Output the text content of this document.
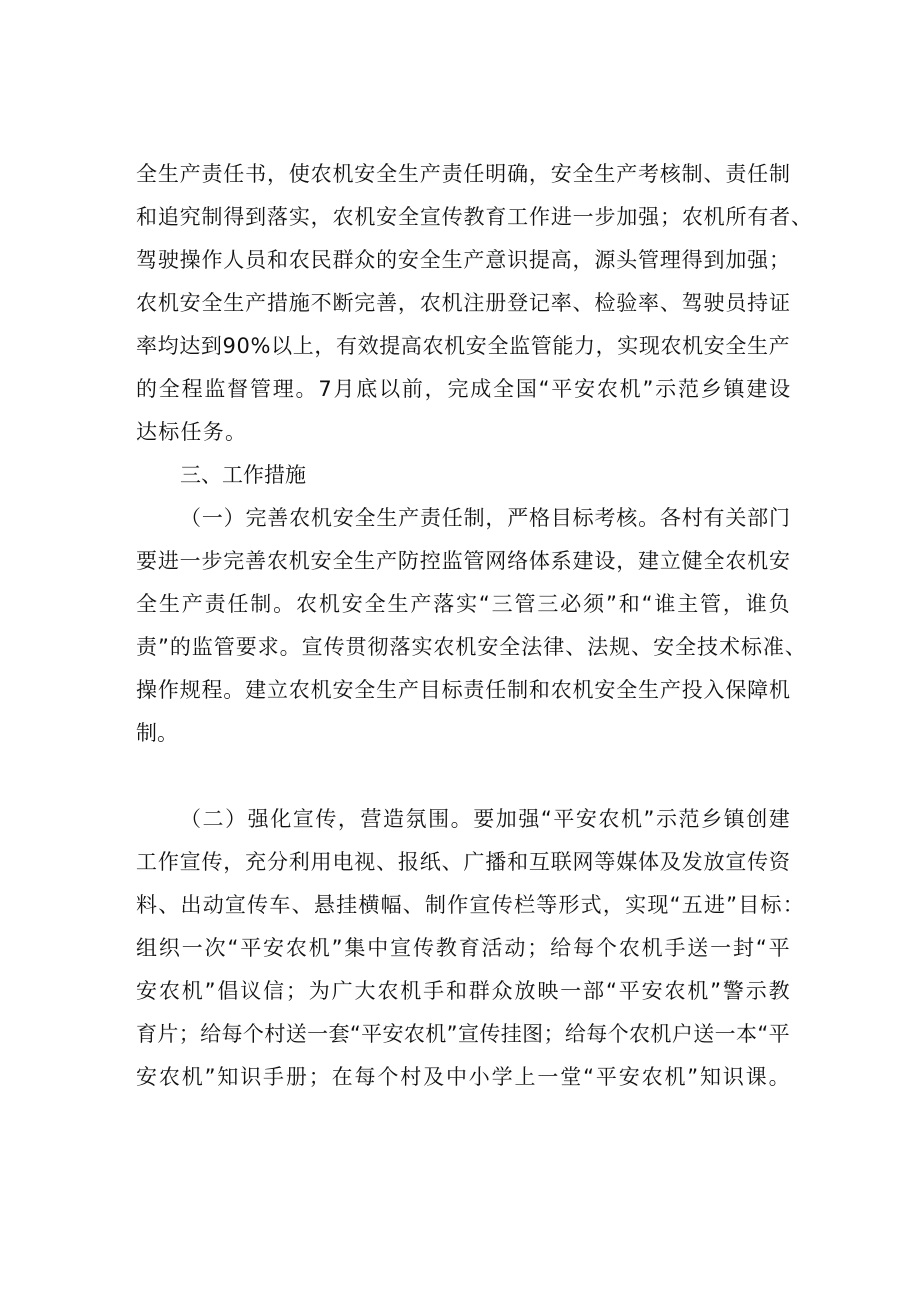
全生产责任书，使农机安全生产责任明确，安全生产考核制、责任制
和追究制得到落实，农机安全宣传教育工作进一步加强；农机所有者、
驾驶操作人员和农民群众的安全生产意识提高，源头管理得到加强；
农机安全生产措施不断完善，农机注册登记率、检验率、驾驶员持证
率均达到90%以上，有效提高农机安全监管能力，实现农机安全生产
的全程监督管理。7月底以前，完成全国“平安农机”示范乡镇建设
达标任务。
三、工作措施
（一）完善农机安全生产责任制，严格目标考核。各村有关部门
要进一步完善农机安全生产防控监管网络体系建设，建立健全农机安
全生产责任制。农机安全生产落实“三管三必须”和“谁主管，谁负
责”的监管要求。宣传贯彻落实农机安全法律、法规、安全技术标准、
操作规程。建立农机安全生产目标责任制和农机安全生产投入保障机
制。
（二）强化宣传，营造氛围。要加强“平安农机”示范乡镇创建
工作宣传，充分利用电视、报纸、广播和互联网等媒体及发放宣传资
料、出动宣传车、悬挂横幅、制作宣传栏等形式，实现“五进”目标：
组织一次“平安农机”集中宣传教育活动；给每个农机手送一封“平
安农机”倡议信；为广大农机手和群众放映一部“平安农机”警示教
育片；给每个村送一套“平安农机”宣传挂图；给每个农机户送一本“平
安农机”知识手册；在每个村及中小学上一堂“平安农机”知识课。
